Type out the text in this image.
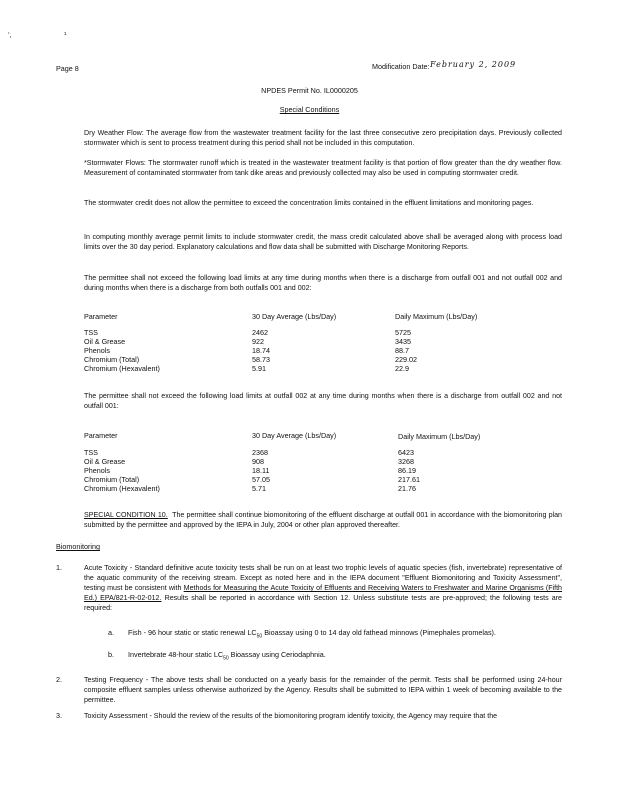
‘,	¹
Page 8	Modification Date: February 2, 2009
NPDES Permit No. IL0000205
Special Conditions
Dry Weather Flow: The average flow from the wastewater treatment facility for the last three consecutive zero precipitation days. Previously collected stormwater which is sent to process treatment during this period shall not be included in this computation.
*Stormwater Flows: The stormwater runoff which is treated in the wastewater treatment facility is that portion of flow greater than the dry weather flow. Measurement of contaminated stormwater from tank dike areas and previously collected may also be used in computing stormwater credit.
The stormwater credit does not allow the permittee to exceed the concentration limits contained in the effluent limitations and monitoring pages.
In computing monthly average permit limits to include stormwater credit, the mass credit calculated above shall be averaged along with process load limits over the 30 day period. Explanatory calculations and flow data shall be submitted with Discharge Monitoring Reports.
The permittee shall not exceed the following load limits at any time during months when there is a discharge from outfall 001 and not outfall 002 and during months when there is a discharge from both outfalls 001 and 002:
Parameter	30 Day Average (Lbs/Day)	Daily Maximum (Lbs/Day)
TSS	2462	5725
Oil & Grease	922	3435
Phenols	18.74	88.7
Chromium (Total)	58.73	229.02
Chromium (Hexavalent)	5.91	22.9
The permittee shall not exceed the following load limits at outfall 002 at any time during months when there is a discharge from outfall 002 and not outfall 001:
Parameter	30 Day Average (Lbs/Day)	Daily Maximum (Lbs/Day)
TSS	2368	6423
Oil & Grease	908	3268
Phenols	18.11	86.19
Chromium (Total)	57.05	217.61
Chromium (Hexavalent)	5.71	21.76
SPECIAL CONDITION 10. The permittee shall continue biomonitoring of the effluent discharge at outfall 001 in accordance with the biomonitoring plan submitted by the permittee and approved by the IEPA in July, 2004 or other plan approved thereafter.
Biomonitoring
1.	Acute Toxicity - Standard definitive acute toxicity tests shall be run on at least two trophic levels of aquatic species (fish, invertebrate) representative of the aquatic community of the receiving stream. Except as noted here and in the IEPA document "Effluent Biomonitoring and Toxicity Assessment", testing must be consistent with Methods for Measuring the Acute Toxicity of Effluents and Receiving Waters to Freshwater and Marine Organisms (Fifth Ed.) EPA/821-R-02-012. Results shall be reported in accordance with Section 12. Unless substitute tests are pre-approved; the following tests are required:
a. Fish - 96 hour static or static renewal $LC_{50}$ Bioassay using 0 to 14 day old fathead minnows (Pimephales promelas).
b. Invertebrate 48-hour static $LC_{50}$ Bioassay using Ceriodaphnia.
2.	Testing Frequency - The above tests shall be conducted on a yearly basis for the remainder of the permit. Tests shall be performed using 24-hour composite effluent samples unless otherwise authorized by the Agency. Results shall be submitted to IEPA within 1 week of becoming available to the permittee.
3.	Toxicity Assessment - Should the review of the results of the biomonitoring program identify toxicity, the Agency may require that the
